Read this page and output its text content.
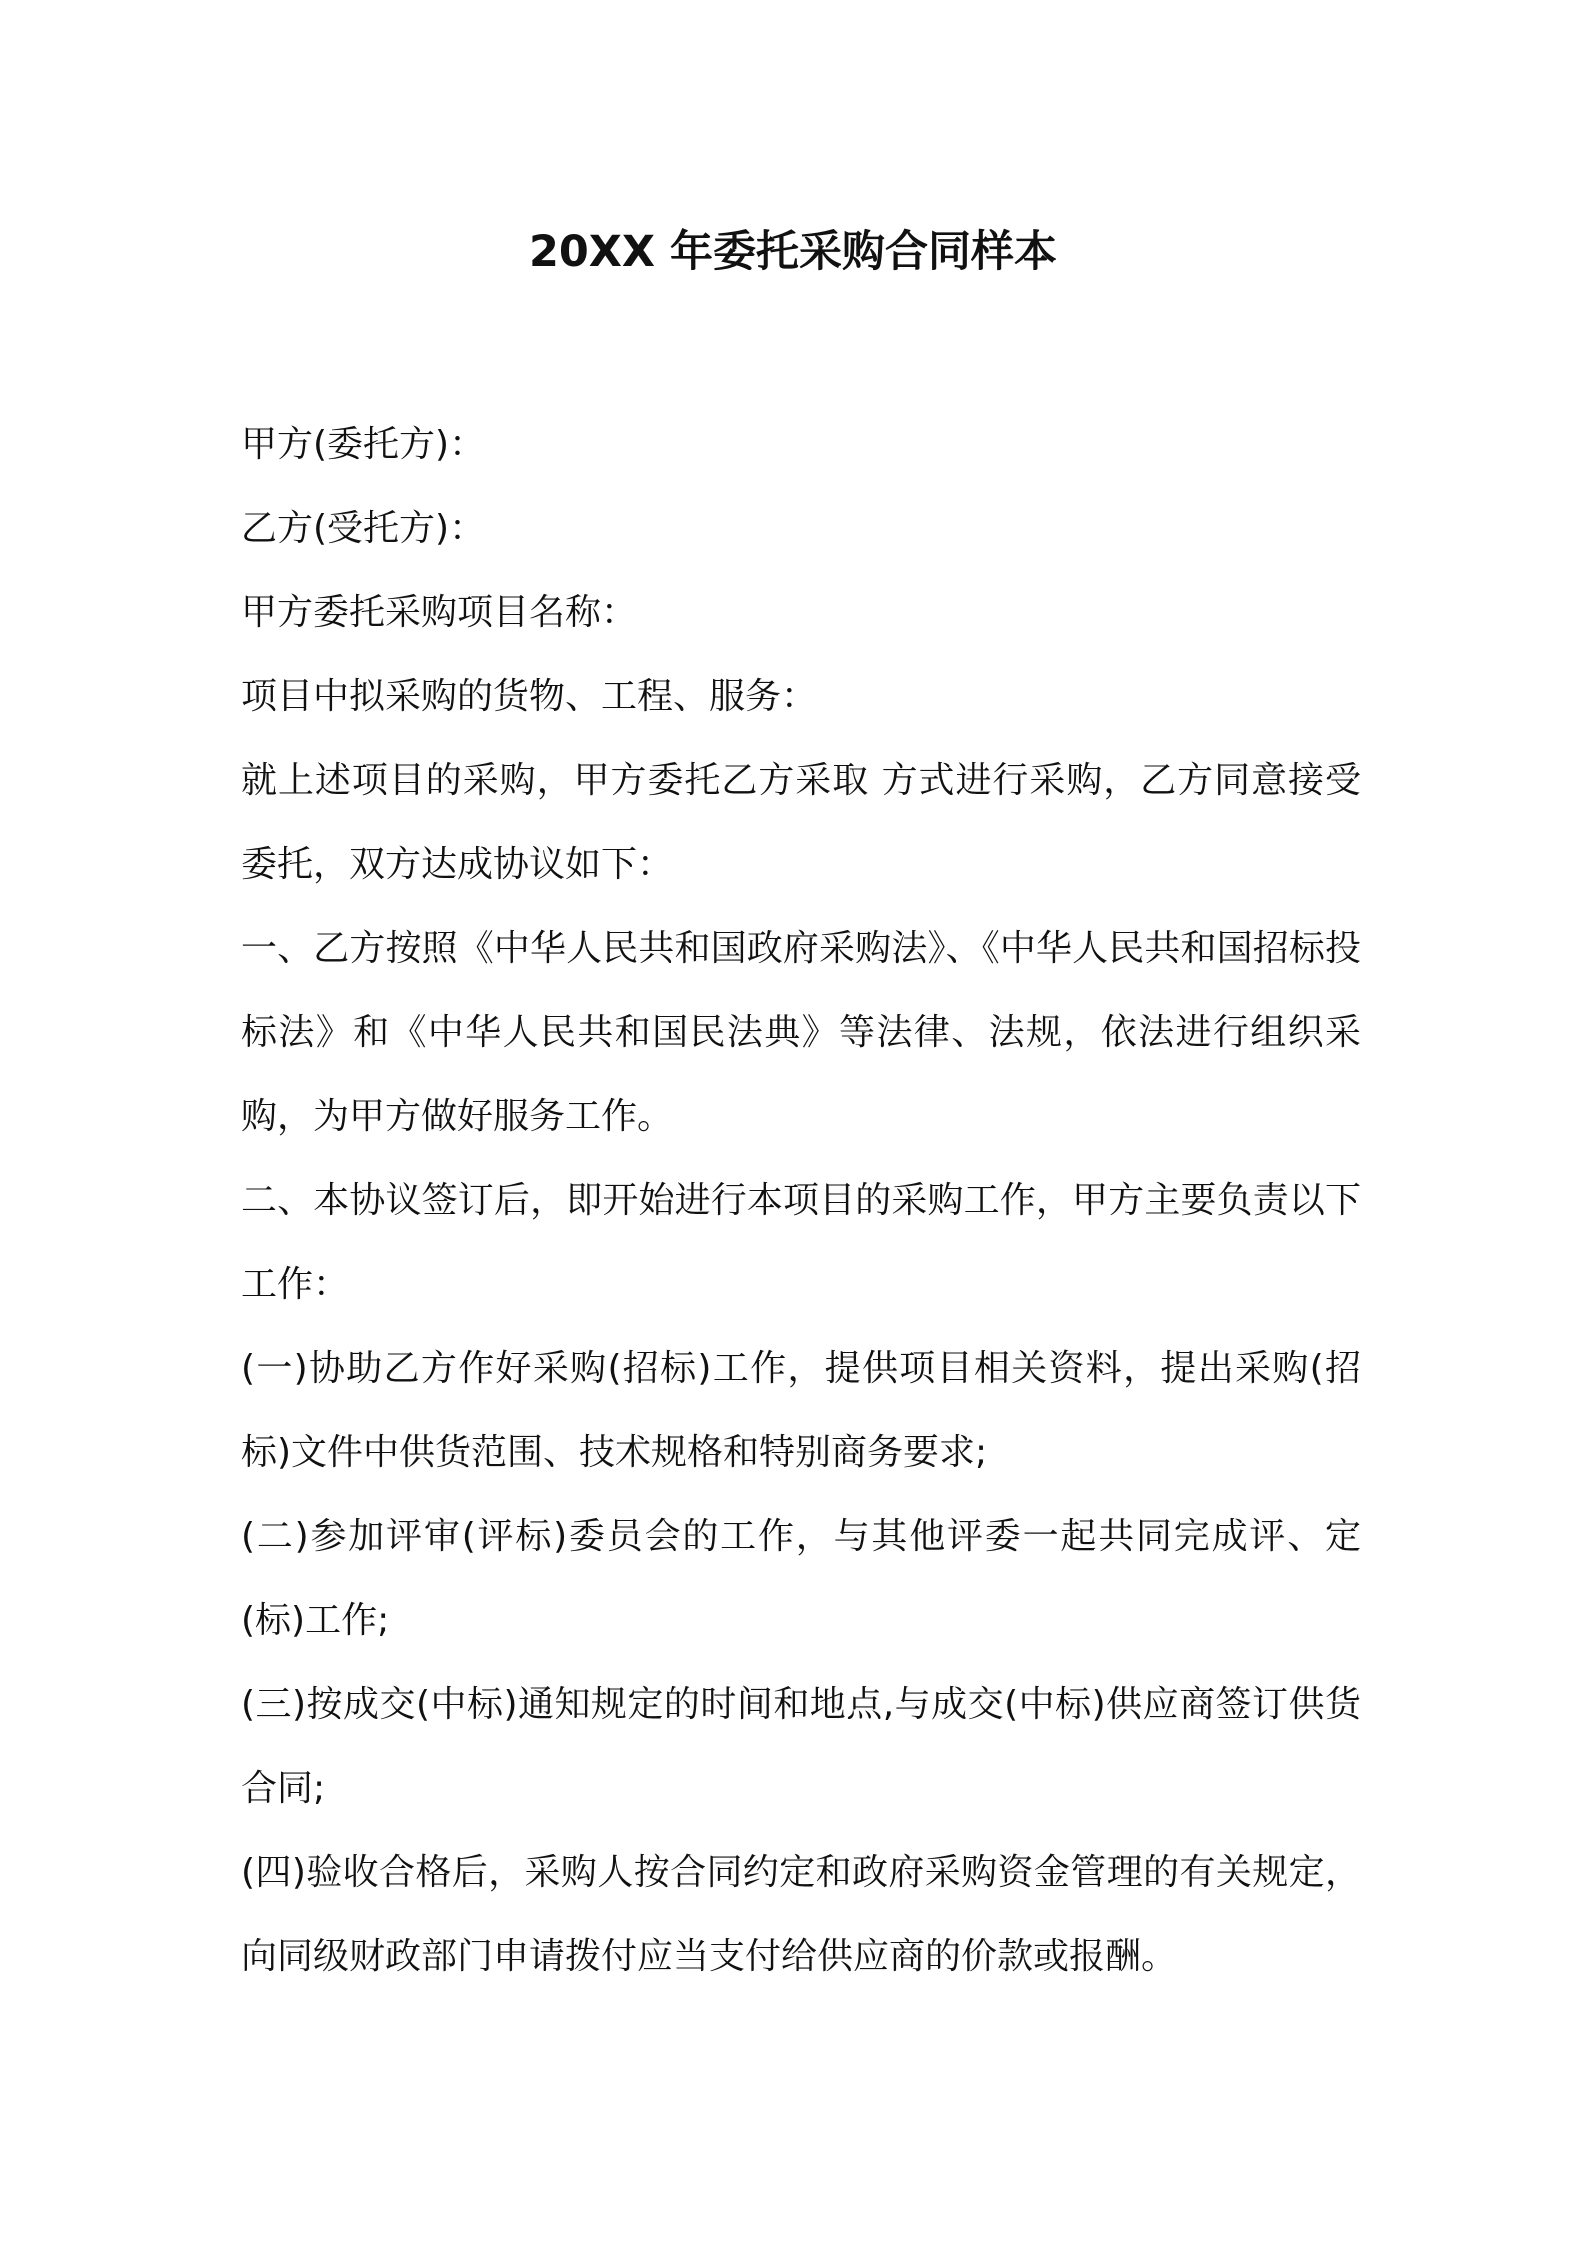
20XX 年委托采购合同样本

甲方(委托方)：

乙方(受托方)：

甲方委托采购项目名称：

项目中拟采购的货物、工程、服务：

就上述项目的采购，甲方委托乙方采取 方式进行采购，乙方同意接受委托，双方达成协议如下：

一、乙方按照《中华人民共和国政府采购法》、《中华人民共和国招标投标法》和《中华人民共和国民法典》等法律、法规，依法进行组织采购，为甲方做好服务工作。

二、本协议签订后，即开始进行本项目的采购工作，甲方主要负责以下工作：

(一)协助乙方作好采购(招标)工作，提供项目相关资料，提出采购(招标)文件中供货范围、技术规格和特别商务要求;

(二)参加评审(评标)委员会的工作，与其他评委一起共同完成评、定(标)工作;

(三)按成交(中标)通知规定的时间和地点,与成交(中标)供应商签订供货合同;

(四)验收合格后，采购人按合同约定和政府采购资金管理的有关规定，向同级财政部门申请拨付应当支付给供应商的价款或报酬。
